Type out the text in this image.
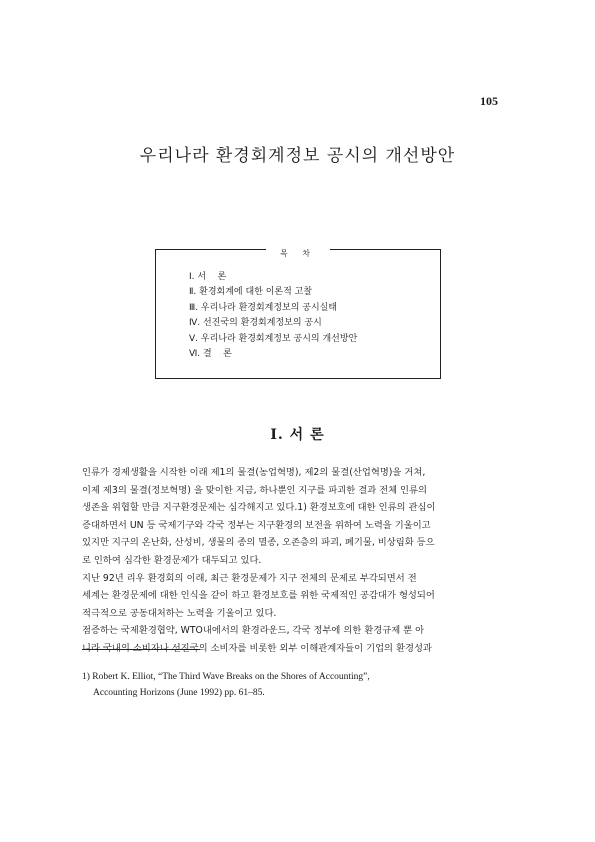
105
우리나라 환경회계정보 공시의 개선방안
목 차
Ⅰ. 서    론
Ⅱ. 환경회계에 대한 이론적 고찰
Ⅲ. 우리나라 환경회계정보의 공시실태
Ⅳ. 선진국의 환경회계정보의 공시
Ⅴ. 우리나라 환경회계정보 공시의 개선방안
Ⅵ. 결    론
Ⅰ. 서 론
인류가 경제생활을 시작한 이래 제1의 물결(농업혁명), 제2의 물결(산업혁명)을 거쳐,
이제 제3의 물결(정보혁명) 을 맞이한 지금, 하나뿐인 지구를 파괴한 결과 전체 인류의
생존을 위협할 만큼 지구환경문제는 심각해지고 있다.1) 환경보호에 대한 인류의 관심이
증대하면서 UN 등 국제기구와 각국 정부는 지구환경의 보전을 위하여 노력을 기울이고
있지만 지구의 온난화, 산성비, 생물의 종의 멸종, 오존층의 파괴, 폐기물, 비상림화 등으
로 인하여 심각한 환경문제가 대두되고 있다.
지난 92년 리우 환경회의 이래, 최근 환경문제가 지구 전체의 문제로 부각되면서 전
세계는 환경문제에 대한 인식을 같이 하고 환경보호를 위한 국제적인 공감대가 형성되어
적극적으로 공동대처하는 노력을 기울이고 있다.
점증하는 국제환경협약, WTO내에서의 환경라운드, 각국 정부에 의한 환경규제 뿐 아
니라 국내의 소비자나 선진국의 소비자를 비롯한 외부 이해관계자들이 기업의 환경성과
1) Robert K. Elliot, “The Third Wave Breaks on the Shores of Accounting”,
Accounting Horizons (June 1992) pp. 61–85.
